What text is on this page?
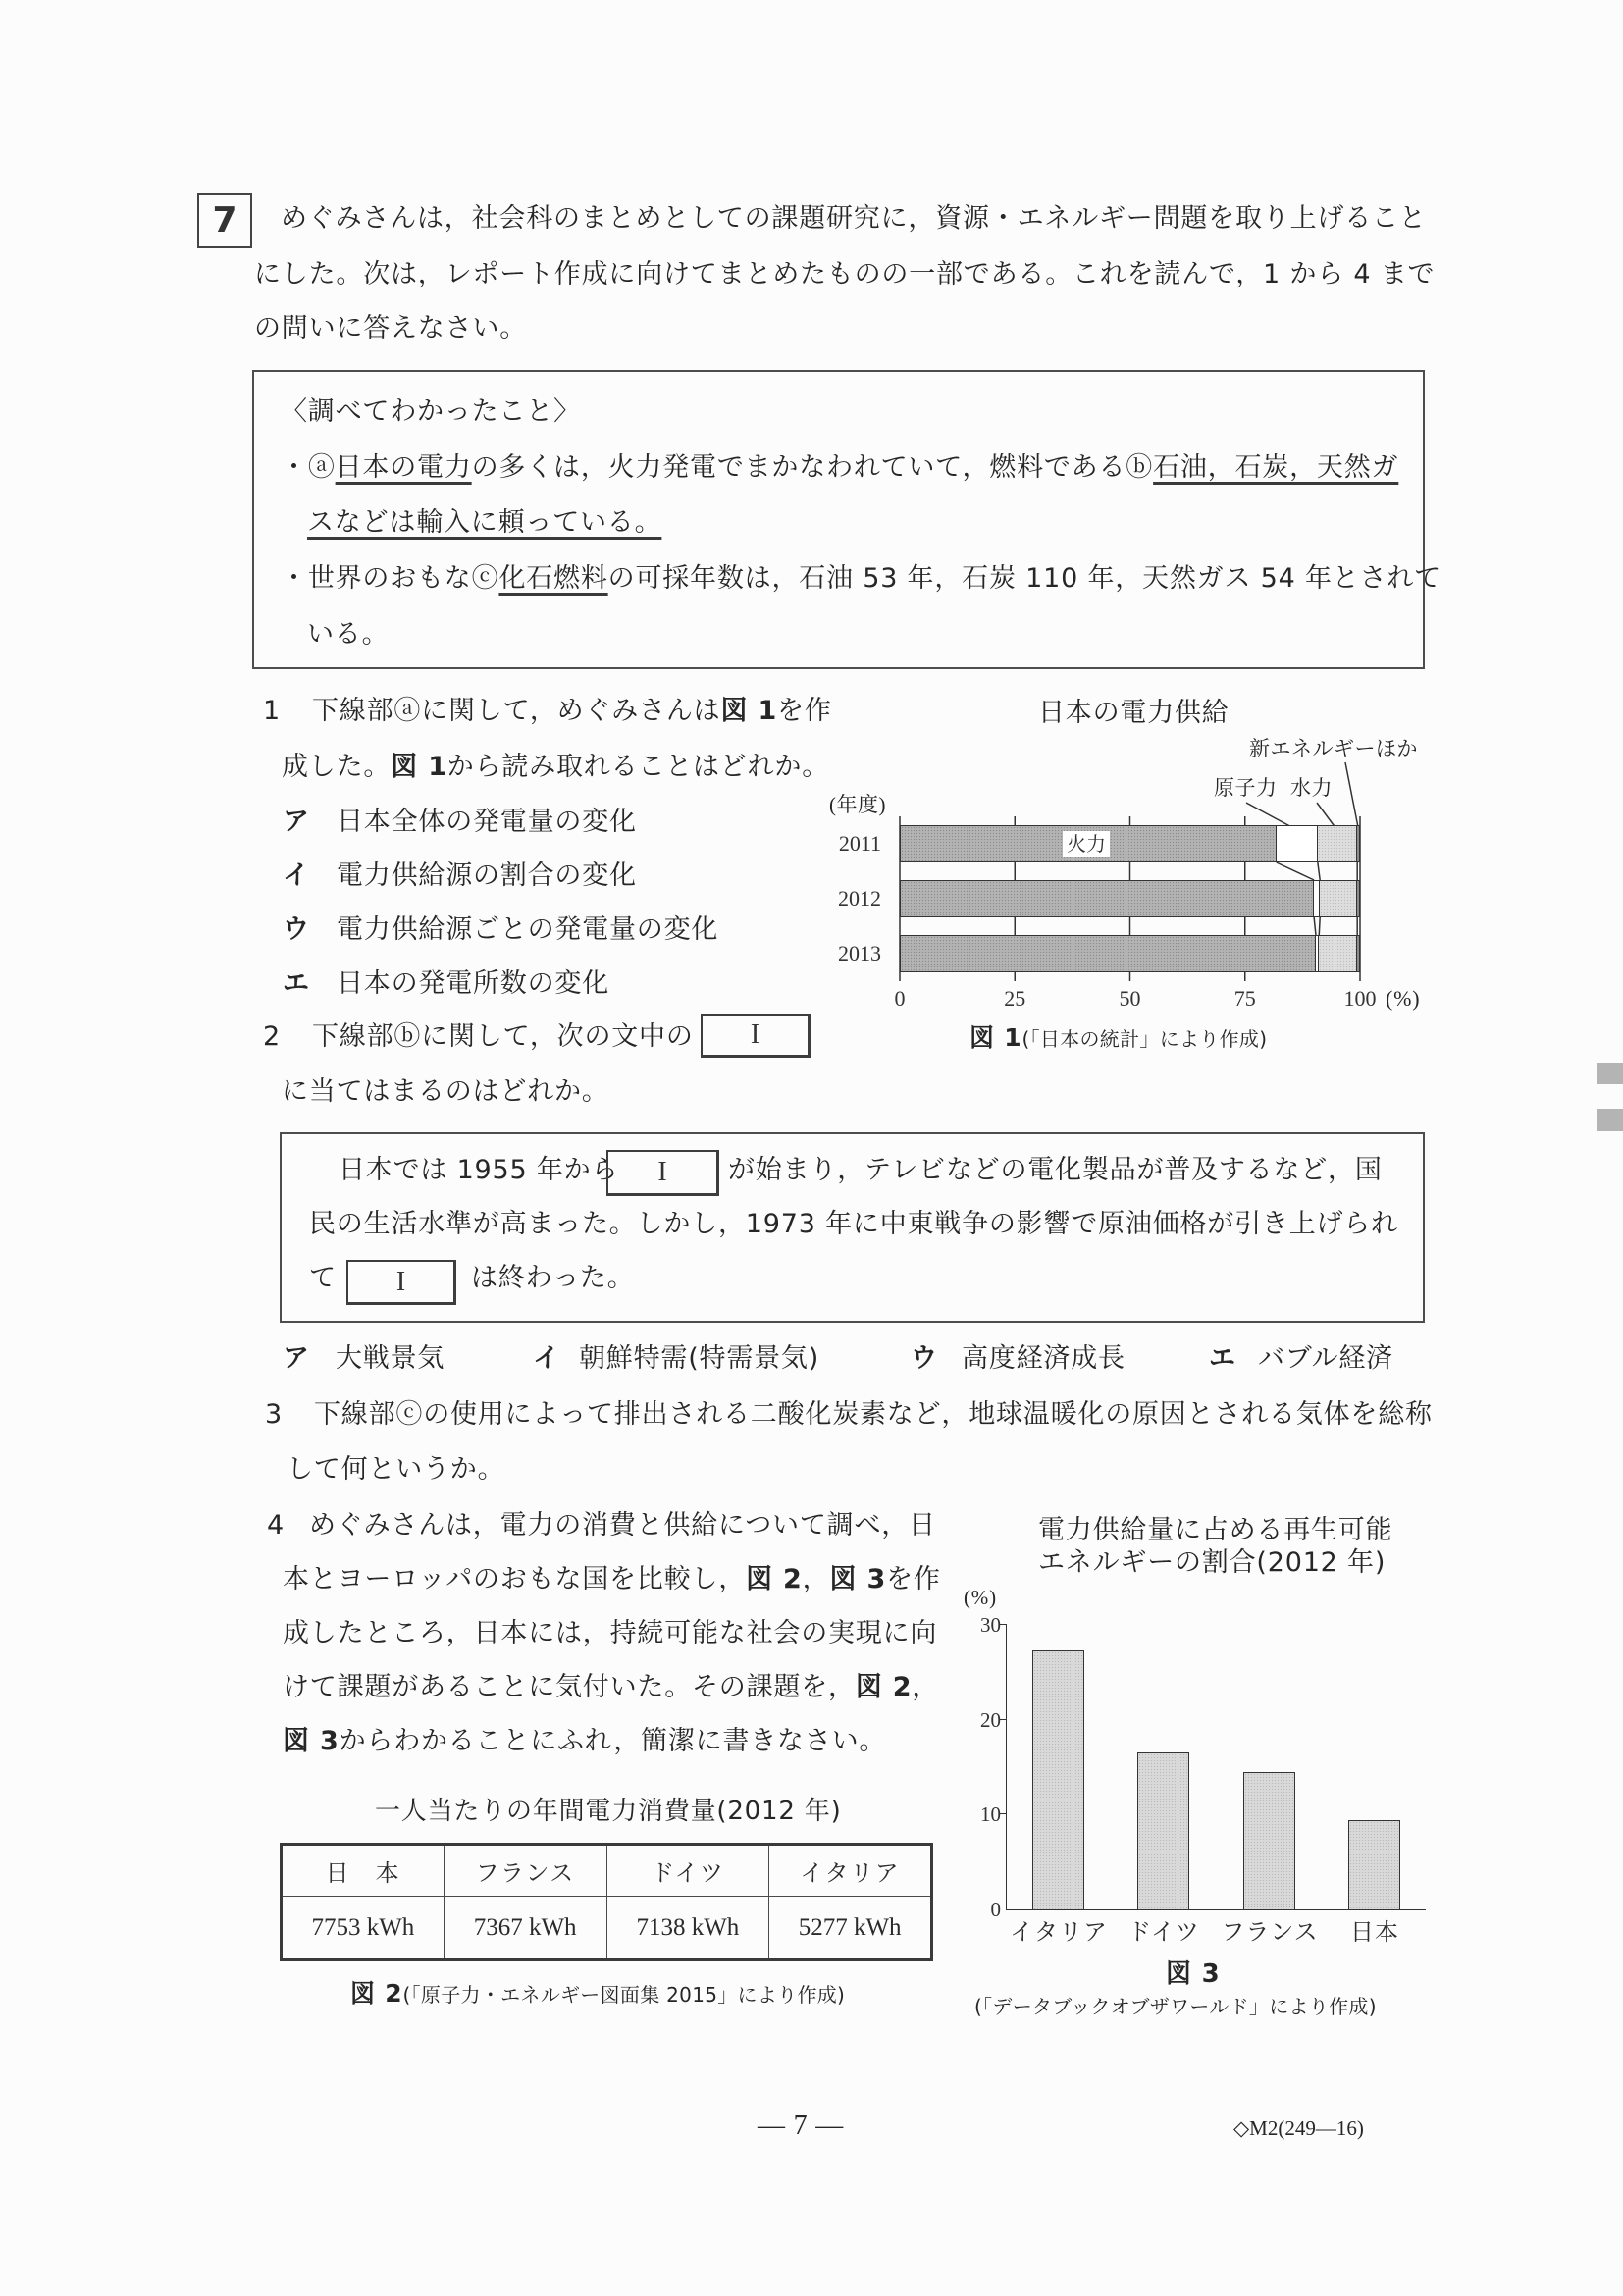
7	めぐみさんは，社会科のまとめとしての課題研究に，資源・エネルギー問題を取り上げること
にした。次は，レポート作成に向けてまとめたものの一部である。これを読んで，1 から 4 まで
の問いに答えなさい。
〈調べてわかったこと〉
・ⓐ日本の電力の多くは，火力発電でまかなわれていて，燃料であるⓑ石油，石炭，天然ガ
スなどは輸入に頼っている。
・世界のおもなⓒ化石燃料の可採年数は，石油 53 年，石炭 110 年，天然ガス 54 年とされて
いる。
1 下線部ⓐに関して，めぐみさんは図 1を作
成した。図 1から読み取れることはどれか。
ア 日本全体の発電量の変化
イ 電力供給源の割合の変化
ウ 電力供給源ごとの発電量の変化
エ 日本の発電所数の変化
2 下線部ⓑに関して，次の文中の	I
に当てはまるのはどれか。
日本では 1955 年から	I	が始まり，テレビなどの電化製品が普及するなど，国
民の生活水準が高まった。しかし，1973 年に中東戦争の影響で原油価格が引き上げられ
て	I	は終わった。
ア 大戦景気	イ 朝鮮特需(特需景気)	ウ 高度経済成長	エ バブル経済
3 下線部ⓒの使用によって排出される二酸化炭素など，地球温暖化の原因とされる気体を総称
して何というか。
4 めぐみさんは，電力の消費と供給について調べ，日
本とヨーロッパのおもな国を比較し，図 2，図 3を作
成したところ，日本には，持続可能な社会の実現に向
けて課題があることに気付いた。その課題を，図 2，
図 3からわかることにふれ，簡潔に書きなさい。
日本の電力供給
新エネルギーほか
原子力 水力
(年度)
2011
2012
2013
火力
0	25	50	75	100 (%)
図 1(「日本の統計」により作成)
一人当たりの年間電力消費量(2012 年)
日　本	フランス	ドイツ	イタリア
7753 kWh	7367 kWh	7138 kWh	5277 kWh
図 2(「原子力・エネルギー図面集 2015」により作成)
電力供給量に占める再生可能
エネルギーの割合(2012 年)
(%)
0
10
20
30
イタリア ドイツ フランス 日本
図 3
(「データブックオブザワールド」により作成)
— 7 —	◇M2(249—16)
